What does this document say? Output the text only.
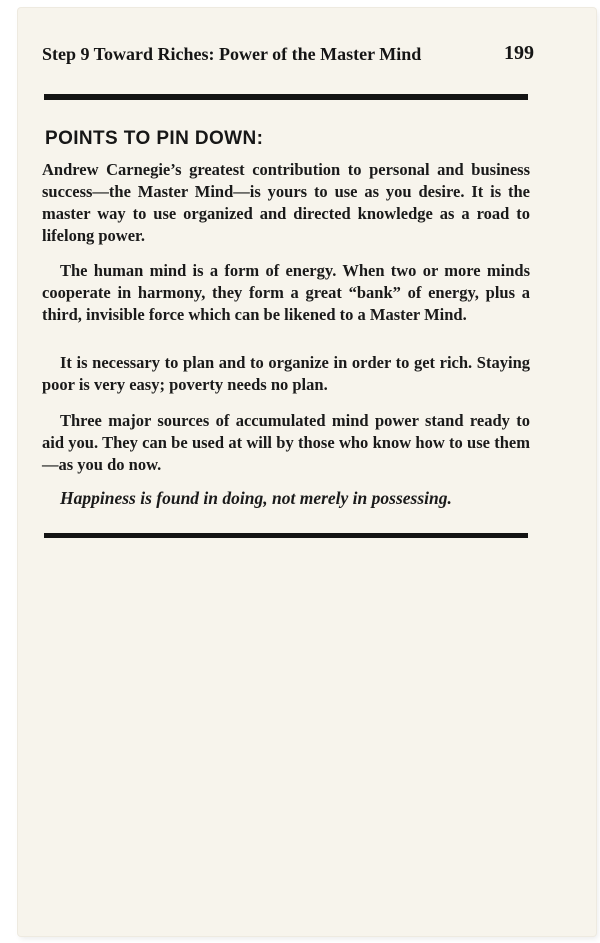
Step 9 Toward Riches: Power of the Master Mind	199
POINTS TO PIN DOWN:

Andrew Carnegie’s greatest contribution to personal and business success—the Master Mind—is yours to use as you desire. It is the master way to use organized and directed knowledge as a road to lifelong power.

The human mind is a form of energy. When two or more minds cooperate in harmony, they form a great “bank” of energy, plus a third, invisible force which can be likened to a Master Mind.

It is necessary to plan and to organize in order to get rich. Staying poor is very easy; poverty needs no plan.

Three major sources of accumulated mind power stand ready to aid you. They can be used at will by those who know how to use them—as you do now.

Happiness is found in doing, not merely in possessing.
